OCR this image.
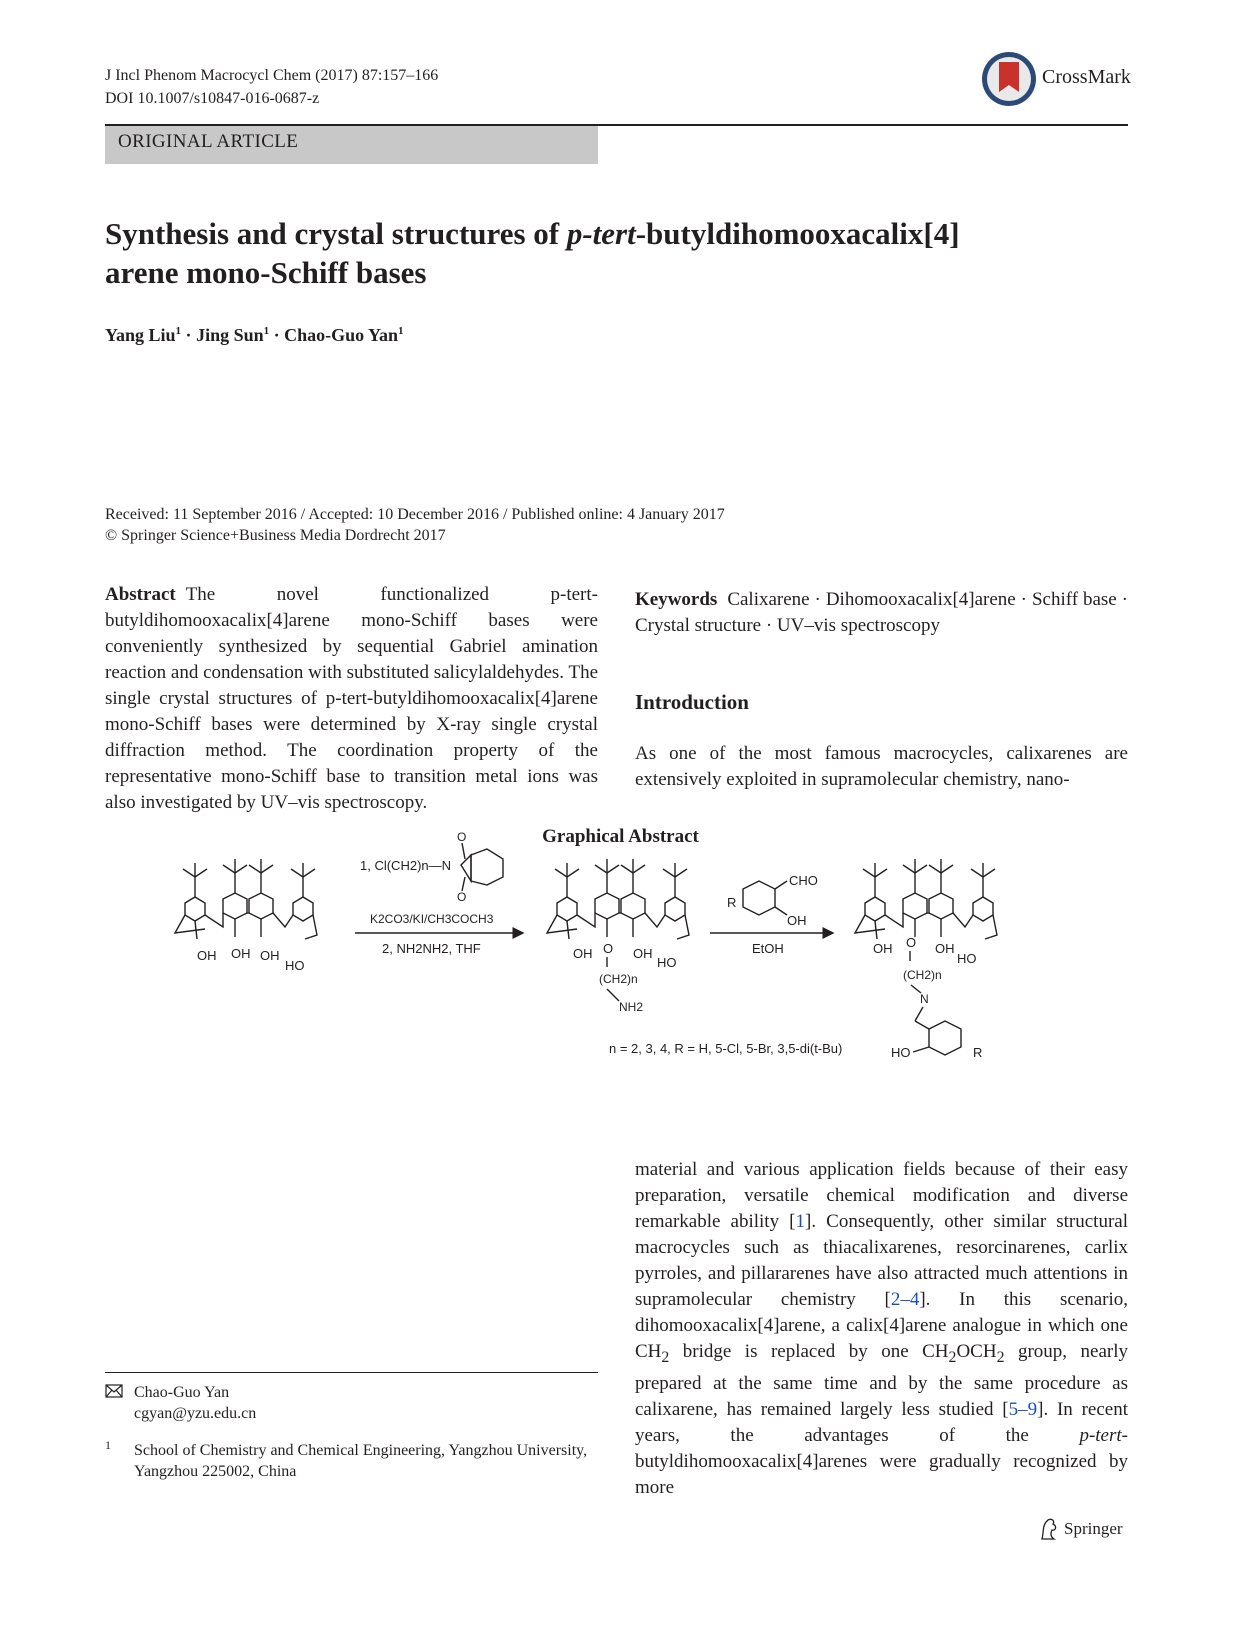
J Incl Phenom Macrocycl Chem (2017) 87:157–166
DOI 10.1007/s10847-016-0687-z
CrossMark
ORIGINAL ARTICLE
Synthesis and crystal structures of p-tert-butyldihomooxacalix[4]
arene mono-Schiff bases
Yang Liu$^1$ · Jing Sun$^1$ · Chao-Guo Yan$^1$
Received: 11 September 2016 / Accepted: 10 December 2016 / Published online: 4 January 2017
© Springer Science+Business Media Dordrecht 2017
Abstract The novel functionalized p-tert-butyldihomooxacalix[4]arene mono-Schiff bases were conveniently synthesized by sequential Gabriel amination reaction and condensation with substituted salicylaldehydes. The single crystal structures of p-tert-butyldihomooxacalix[4]arene mono-Schiff bases were determined by X-ray single crystal diffraction method. The coordination property of the representative mono-Schiff base to transition metal ions was also investigated by UV–vis spectroscopy.
Keywords Calixarene · Dihomooxacalix[4]arene · Schiff base · Crystal structure · UV–vis spectroscopy
Introduction
As one of the most famous macrocycles, calixarenes are extensively exploited in supramolecular chemistry, nano-
Graphical Abstract
OH OH OH
HO
1, Cl(CH2)n—N
O
O
K2CO3/KI/CH3COCH3
2, NH2NH2, THF	OH O OH
HO
(CH2)n
NH2
R
CHO
OH
EtOH	OH O OH
HO
(CH2)n
N
HO	R
n = 2, 3, 4, R = H, 5-Cl, 5-Br, 3,5-di(t-Bu)
material and various application fields because of their easy preparation, versatile chemical modification and diverse remarkable ability [1]. Consequently, other similar structural macrocycles such as thiacalixarenes, resorcinarenes, carlix pyrroles, and pillararenes have also attracted much attentions in supramolecular chemistry [2–4]. In this scenario, dihomooxacalix[4]arene, a calix[4]arene analogue in which one $CH_2$ bridge is replaced by one $CH_2OCH_2$ group, nearly prepared at the same time and by the same procedure as calixarene, has remained largely less studied [5–9]. In recent years, the advantages of the p-tert-butyldihomooxacalix[4]arenes were gradually recognized by more
Chao-Guo Yan
cgyan@yzu.edu.cn
1 School of Chemistry and Chemical Engineering, Yangzhou University, Yangzhou 225002, China
Springer
